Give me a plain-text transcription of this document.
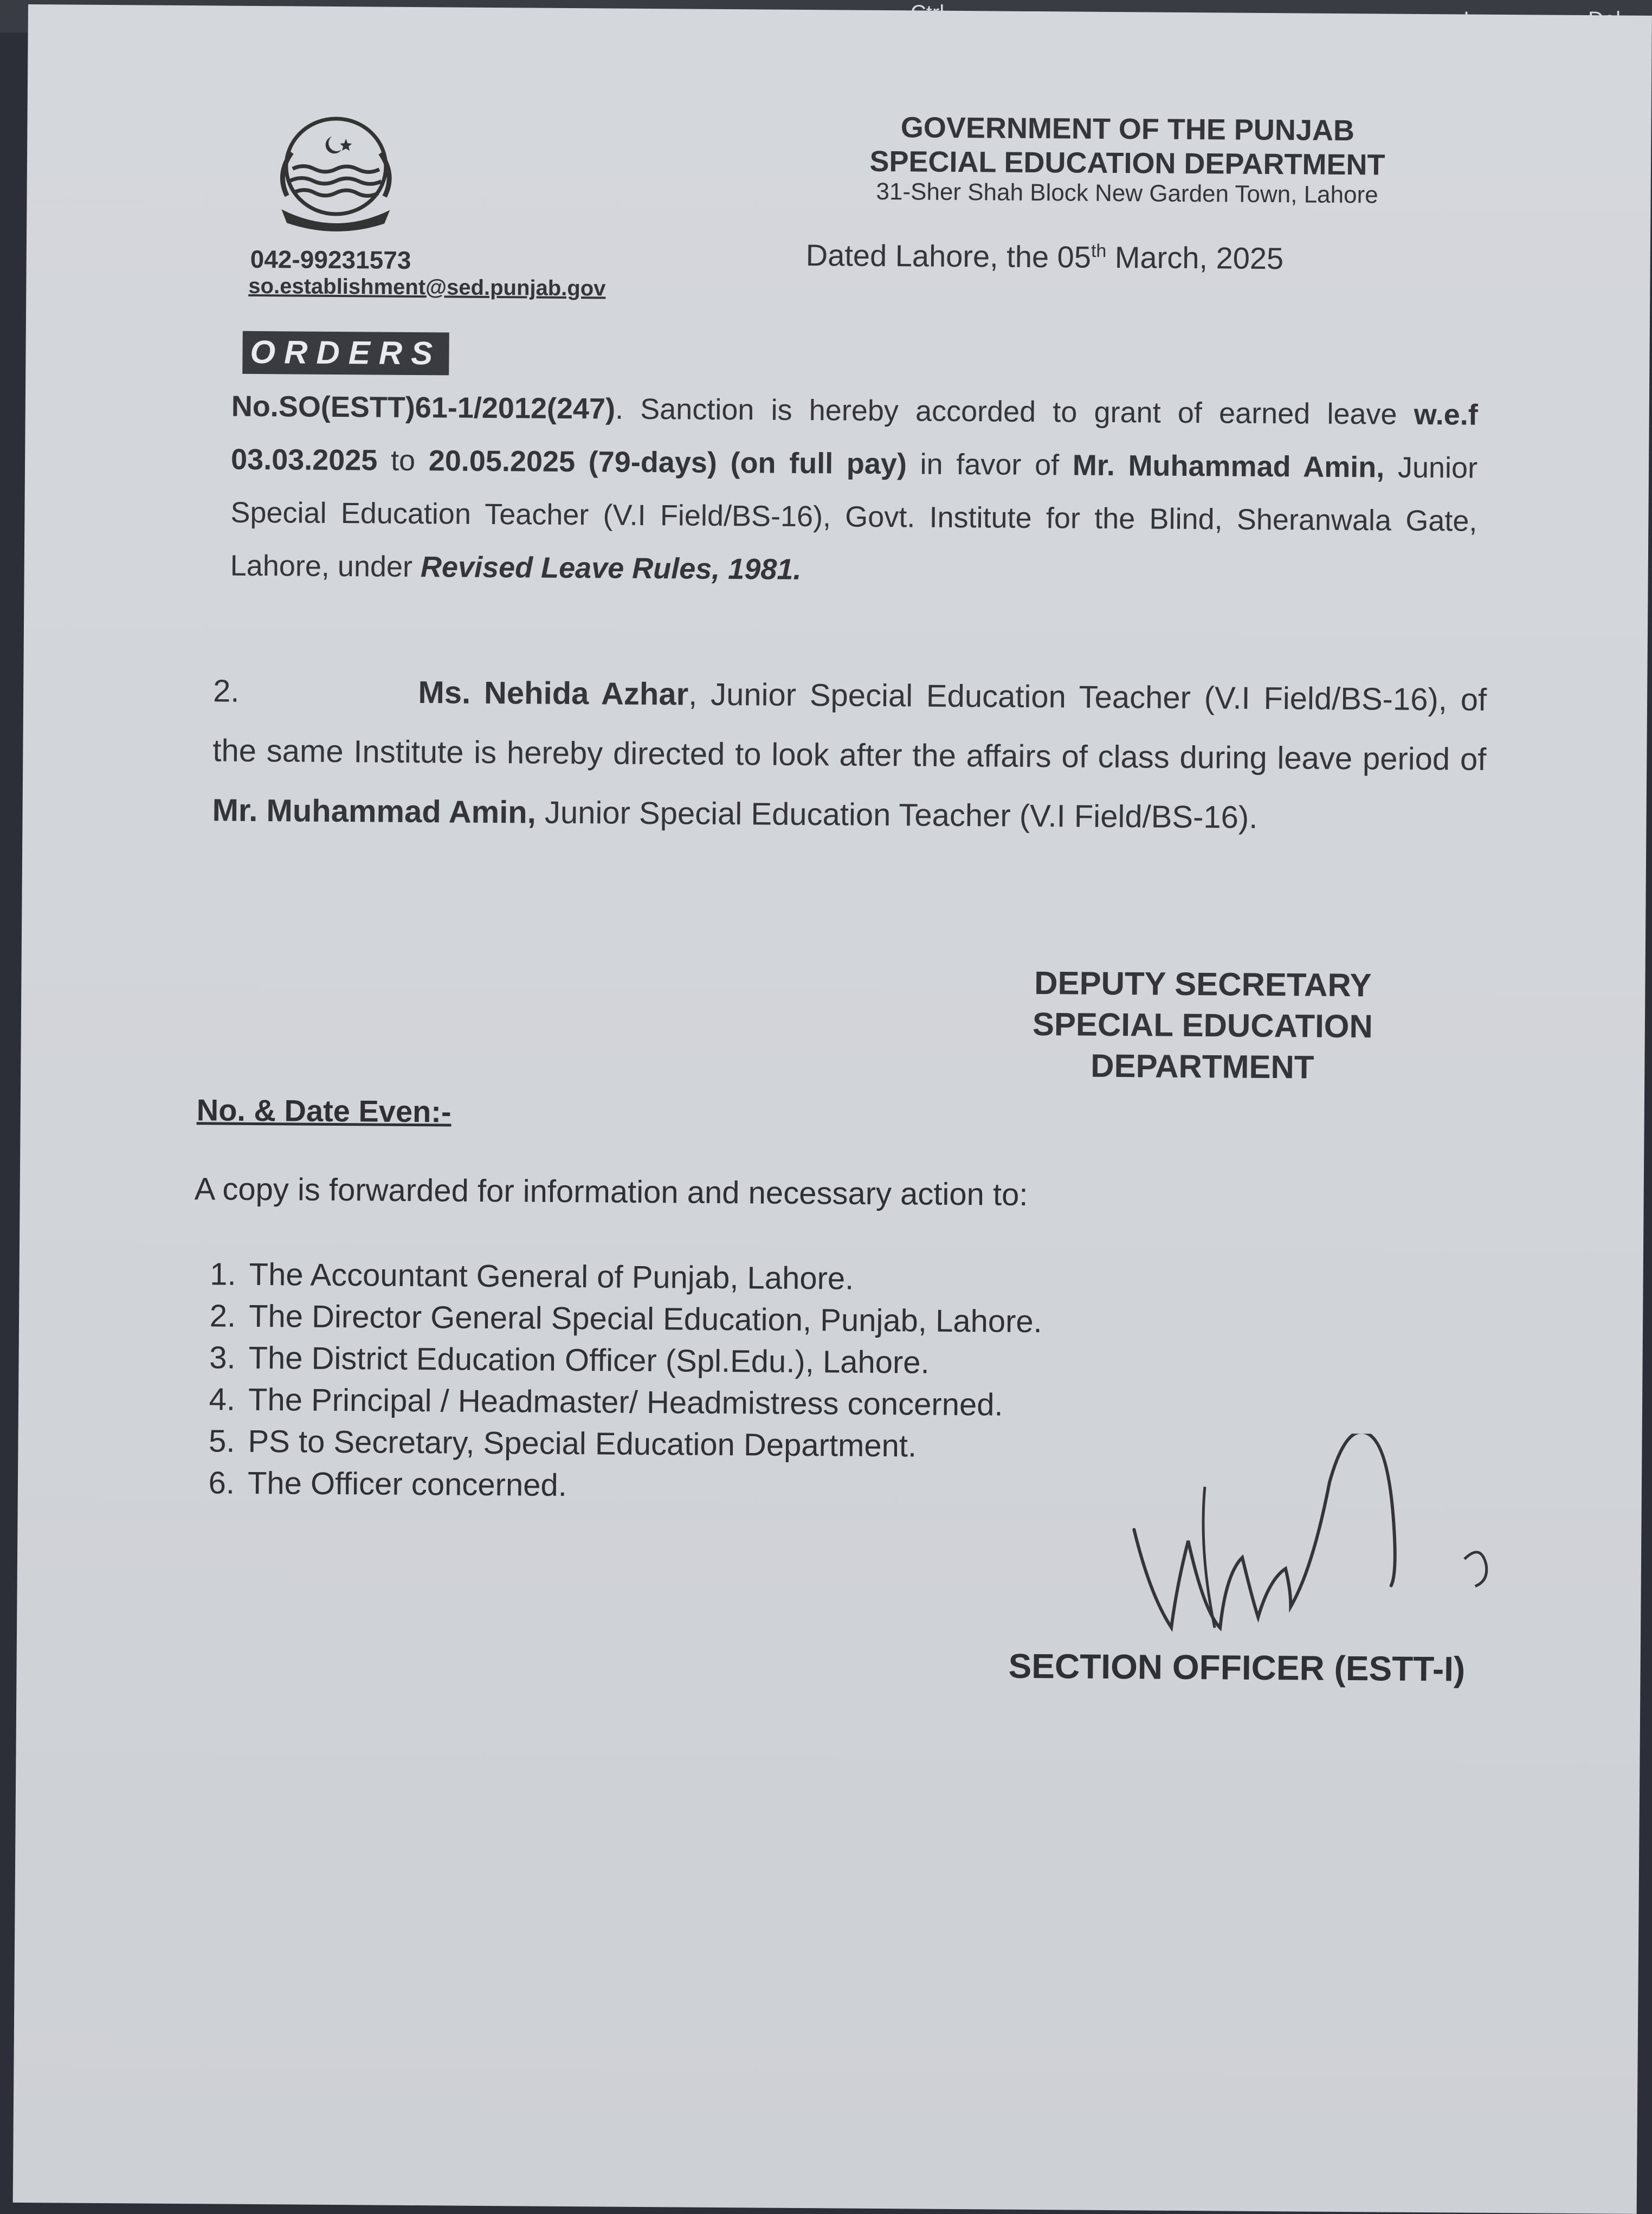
GOVERNMENT OF THE PUNJAB
SPECIAL EDUCATION DEPARTMENT
31-Sher Shah Block New Garden Town, Lahore
042-99231573
so.establishment@sed.punjab.gov
Dated Lahore, the 05th March, 2025
ORDERS
No.SO(ESTT)61-1/2012(247). Sanction is hereby accorded to grant of earned leave w.e.f 03.03.2025 to 20.05.2025 (79-days) (on full pay) in favor of Mr. Muhammad Amin, Junior Special Education Teacher (V.I Field/BS-16), Govt. Institute for the Blind, Sheranwala Gate, Lahore, under Revised Leave Rules, 1981.
2.	Ms. Nehida Azhar, Junior Special Education Teacher (V.I Field/BS-16), of the same Institute is hereby directed to look after the affairs of class during leave period of Mr. Muhammad Amin, Junior Special Education Teacher (V.I Field/BS-16).
DEPUTY SECRETARY
SPECIAL EDUCATION
DEPARTMENT
No. & Date Even:-
A copy is forwarded for information and necessary action to:
1. The Accountant General of Punjab, Lahore.
2. The Director General Special Education, Punjab, Lahore.
3. The District Education Officer (Spl.Edu.), Lahore.
4. The Principal / Headmaster/ Headmistress concerned.
5. PS to Secretary, Special Education Department.
6. The Officer concerned.
SECTION OFFICER (ESTT-I)
